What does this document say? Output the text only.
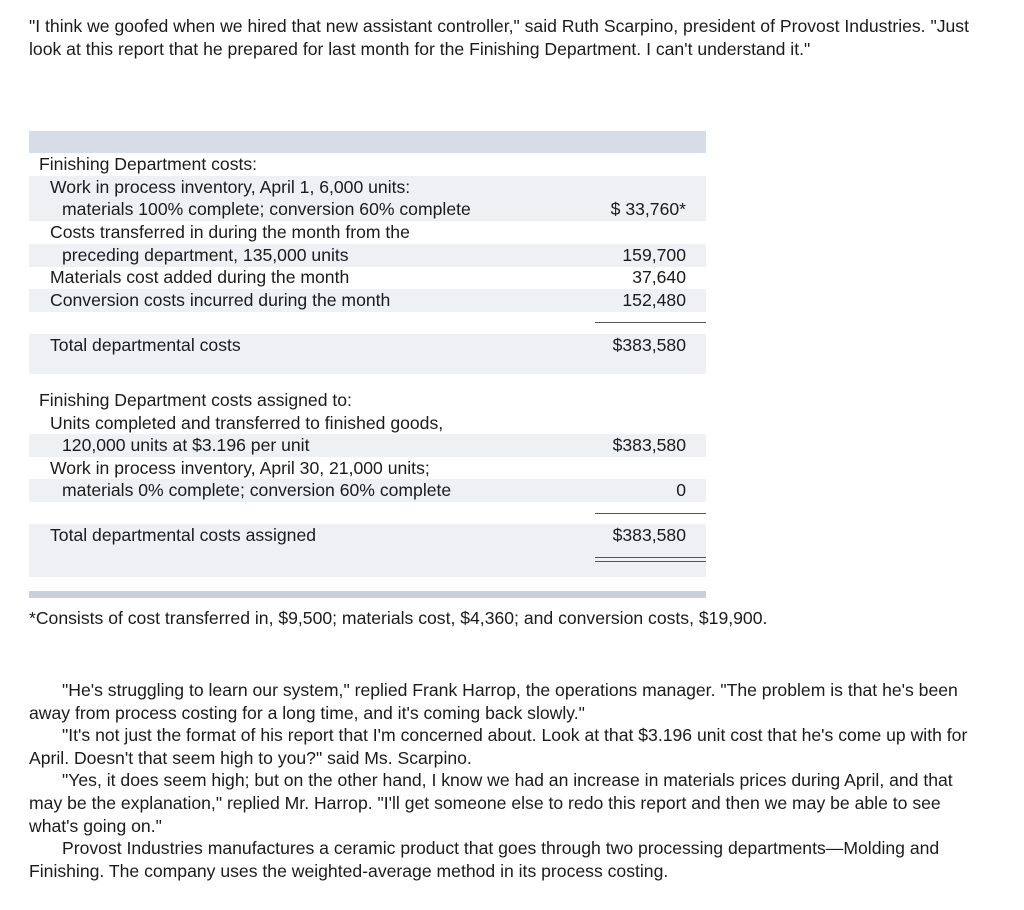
"I think we goofed when we hired that new assistant controller," said Ruth Scarpino, president of Provost Industries. "Just look at this report that he prepared for last month for the Finishing Department. I can't understand it."

Finishing Department costs:
Work in process inventory, April 1, 6,000 units:
materials 100% complete; conversion 60% complete	$ 33,760*
Costs transferred in during the month from the
preceding department, 135,000 units	159,700
Materials cost added during the month	37,640
Conversion costs incurred during the month	152,480
Total departmental costs	$383,580
Finishing Department costs assigned to:
Units completed and transferred to finished goods,
120,000 units at $3.196 per unit	$383,580
Work in process inventory, April 30, 21,000 units;
materials 0% complete; conversion 60% complete	0
Total departmental costs assigned	$383,580

*Consists of cost transferred in, $9,500; materials cost, $4,360; and conversion costs, $19,900.

"He's struggling to learn our system," replied Frank Harrop, the operations manager. "The problem is that he's been away from process costing for a long time, and it's coming back slowly."
"It's not just the format of his report that I'm concerned about. Look at that $3.196 unit cost that he's come up with for April. Doesn't that seem high to you?" said Ms. Scarpino.
"Yes, it does seem high; but on the other hand, I know we had an increase in materials prices during April, and that may be the explanation," replied Mr. Harrop. "I'll get someone else to redo this report and then we may be able to see what's going on."
Provost Industries manufactures a ceramic product that goes through two processing departments—Molding and Finishing. The company uses the weighted-average method in its process costing.
